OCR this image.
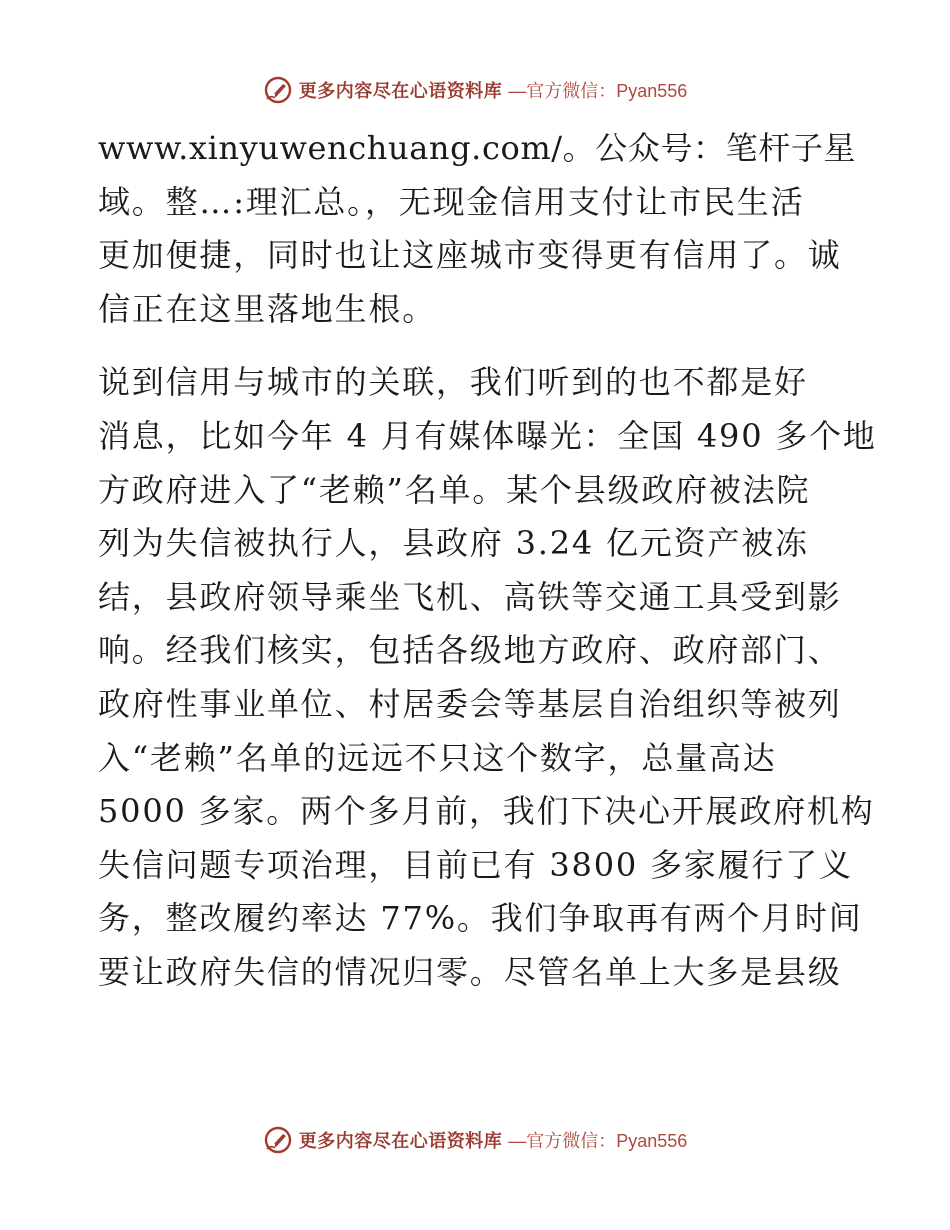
更多内容尽在心语资料库 —官方微信：Pyan556

www.xinyuwenchuang.com/。公众号：笔杆子星
域。整…:理汇总。，无现金信用支付让市民生活
更加便捷，同时也让这座城市变得更有信用了。诚
信正在这里落地生根。

说到信用与城市的关联，我们听到的也不都是好
消息，比如今年 4 月有媒体曝光：全国 490 多个地
方政府进入了“老赖”名单。某个县级政府被法院
列为失信被执行人，县政府 3.24 亿元资产被冻
结，县政府领导乘坐飞机、高铁等交通工具受到影
响。经我们核实，包括各级地方政府、政府部门、
政府性事业单位、村居委会等基层自治组织等被列
入“老赖”名单的远远不只这个数字，总量高达
5000 多家。两个多月前，我们下决心开展政府机构
失信问题专项治理，目前已有 3800 多家履行了义
务，整改履约率达 77%。我们争取再有两个月时间
要让政府失信的情况归零。尽管名单上大多是县级

更多内容尽在心语资料库 —官方微信：Pyan556
